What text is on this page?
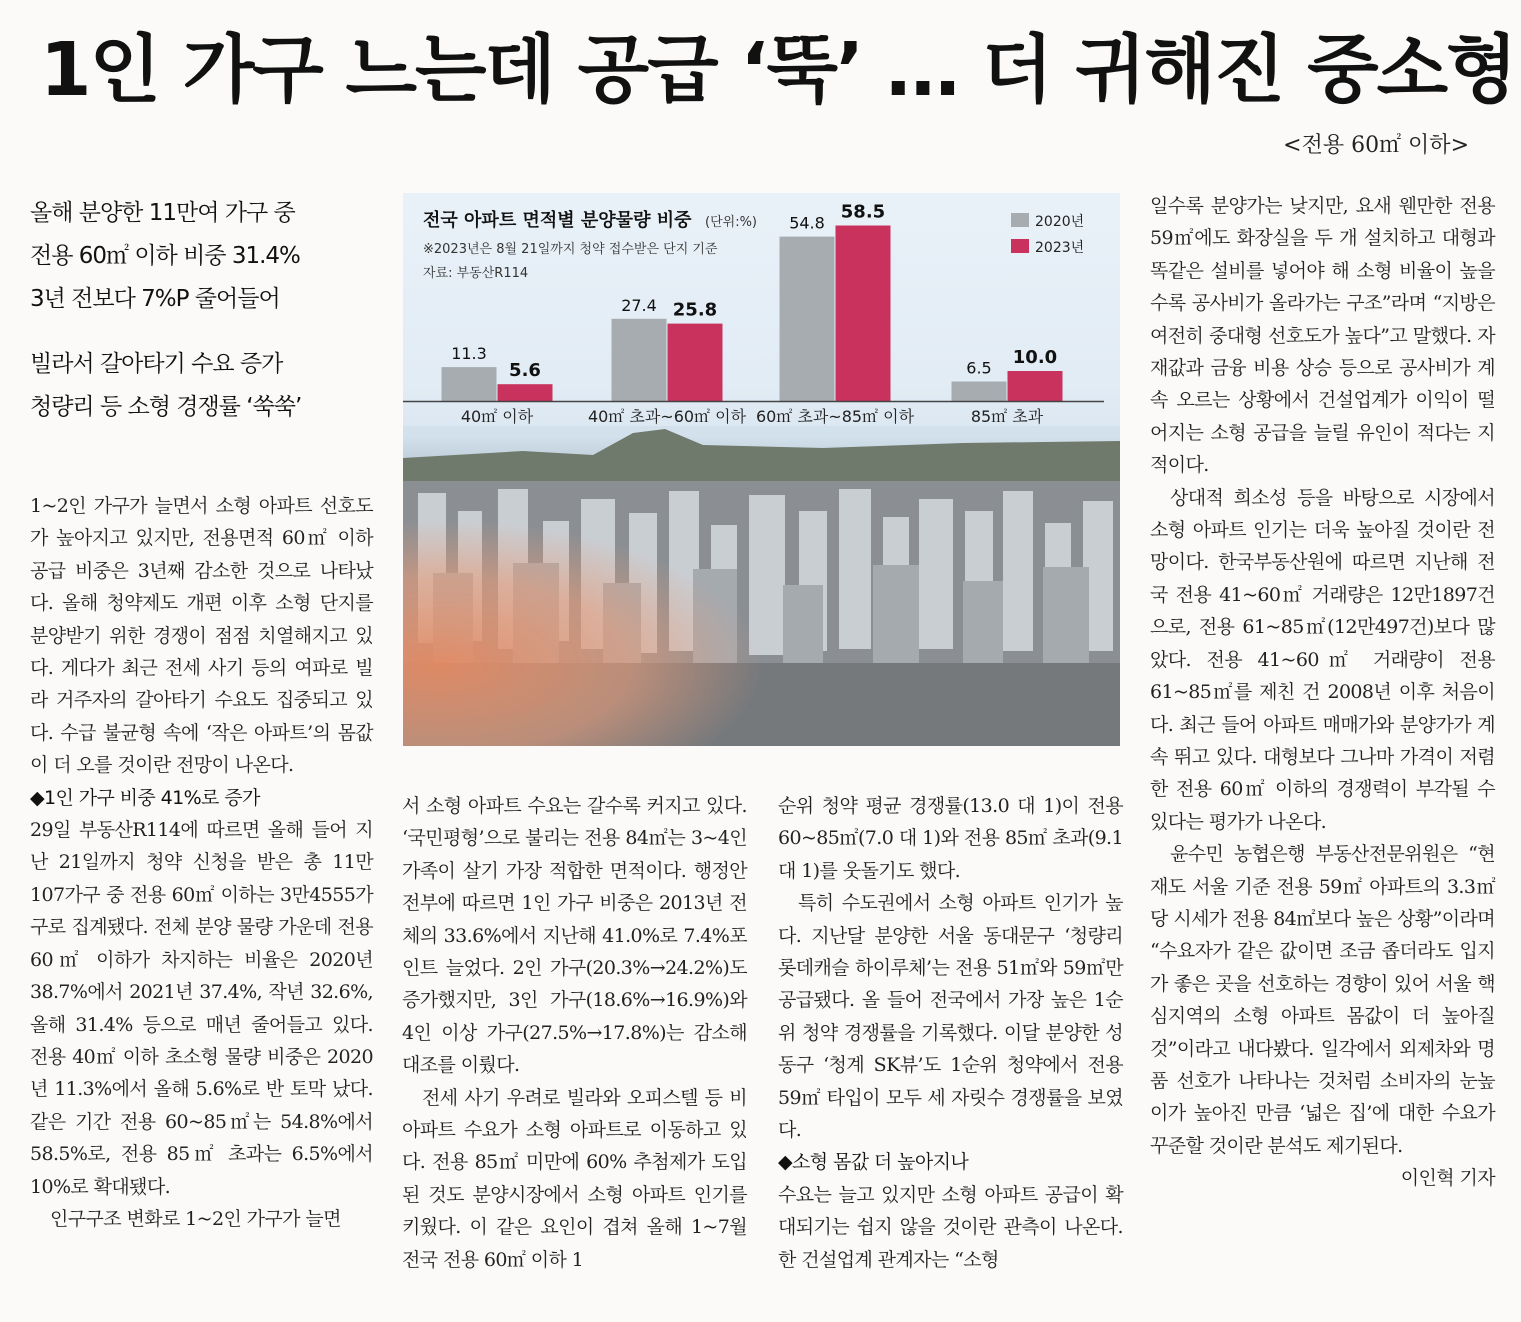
1인 가구 느는데 공급 ‘뚝’ … 더 귀해진 중소형
<전용 60㎡ 이하>

올해 분양한 11만여 가구 중

전용 60㎡ 이하 비중 31.4%

3년 전보다 7%P 줄어들어

빌라서 갈아타기 수요 증가

청량리 등 소형 경쟁률 ‘쑥쑥’

전국 아파트 면적별 분양물량 비중 (단위:%)
※2023년은 8월 21일까지 청약 접수받은 단지 기준
자료: 부동산R114
2020년
2023년
11.3
5.6
40㎡ 이하
27.4 25.8
40㎡ 초과~60㎡ 이하
54.8
58.5
60㎡ 초과~85㎡ 이하
6.5 10.0
85㎡ 초과

1~2인 가구가 늘면서 소형 아파트 선호도가 높아지고 있지만, 전용면적 60㎡ 이하 공급 비중은 3년째 감소한 것으로 나타났다. 올해 청약제도 개편 이후 소형 단지를 분양받기 위한 경쟁이 점점 치열해지고 있다. 게다가 최근 전세 사기 등의 여파로 빌라 거주자의 갈아타기 수요도 집중되고 있다. 수급 불균형 속에 ‘작은 아파트’의 몸값이 더 오를 것이란 전망이 나온다.

◆1인 가구 비중 41%로 증가

29일 부동산R114에 따르면 올해 들어 지난 21일까지 청약 신청을 받은 총 11만107가구 중 전용 60㎡ 이하는 3만4555가구로 집계됐다. 전체 분양 물량 가운데 전용 60㎡ 이하가 차지하는 비율은 2020년 38.7%에서 2021년 37.4%, 작년 32.6%, 올해 31.4% 등으로 매년 줄어들고 있다. 전용 40㎡ 이하 초소형 물량 비중은 2020년 11.3%에서 올해 5.6%로 반 토막 났다. 같은 기간 전용 60~85㎡는 54.8%에서 58.5%로, 전용 85㎡ 초과는 6.5%에서 10%로 확대됐다.

인구구조 변화로 1~2인 가구가 늘면

서 소형 아파트 수요는 갈수록 커지고 있다. ‘국민평형’으로 불리는 전용 84㎡는 3~4인 가족이 살기 가장 적합한 면적이다. 행정안전부에 따르면 1인 가구 비중은 2013년 전체의 33.6%에서 지난해 41.0%로 7.4%포인트 늘었다. 2인 가구(20.3%→24.2%)도 증가했지만, 3인 가구(18.6%→16.9%)와 4인 이상 가구(27.5%→17.8%)는 감소해 대조를 이뤘다.

전세 사기 우려로 빌라와 오피스텔 등 비아파트 수요가 소형 아파트로 이동하고 있다. 전용 85㎡ 미만에 60% 추첨제가 도입된 것도 분양시장에서 소형 아파트 인기를 키웠다. 이 같은 요인이 겹쳐 올해 1~7월 전국 전용 60㎡ 이하 1

순위 청약 평균 경쟁률(13.0 대 1)이 전용 60~85㎡(7.0 대 1)와 전용 85㎡ 초과(9.1 대 1)를 웃돌기도 했다.

특히 수도권에서 소형 아파트 인기가 높다. 지난달 분양한 서울 동대문구 ‘청량리 롯데캐슬 하이루체’는 전용 51㎡와 59㎡만 공급됐다. 올 들어 전국에서 가장 높은 1순위 청약 경쟁률을 기록했다. 이달 분양한 성동구 ‘청계 SK뷰’도 1순위 청약에서 전용 59㎡ 타입이 모두 세 자릿수 경쟁률을 보였다.

◆소형 몸값 더 높아지나

수요는 늘고 있지만 소형 아파트 공급이 확대되기는 쉽지 않을 것이란 관측이 나온다. 한 건설업계 관계자는 “소형

일수록 분양가는 낮지만, 요새 웬만한 전용 59㎡에도 화장실을 두 개 설치하고 대형과 똑같은 설비를 넣어야 해 소형 비율이 높을수록 공사비가 올라가는 구조”라며 “지방은 여전히 중대형 선호도가 높다”고 말했다. 자재값과 금융 비용 상승 등으로 공사비가 계속 오르는 상황에서 건설업계가 이익이 떨어지는 소형 공급을 늘릴 유인이 적다는 지적이다.

상대적 희소성 등을 바탕으로 시장에서 소형 아파트 인기는 더욱 높아질 것이란 전망이다. 한국부동산원에 따르면 지난해 전국 전용 41~60㎡ 거래량은 12만1897건으로, 전용 61~85㎡(12만497건)보다 많았다. 전용 41~60㎡ 거래량이 전용 61~85㎡를 제친 건 2008년 이후 처음이다. 최근 들어 아파트 매매가와 분양가가 계속 뛰고 있다. 대형보다 그나마 가격이 저렴한 전용 60㎡ 이하의 경쟁력이 부각될 수 있다는 평가가 나온다.

윤수민 농협은행 부동산전문위원은 “현재도 서울 기준 전용 59㎡ 아파트의 3.3㎡당 시세가 전용 84㎡보다 높은 상황”이라며 “수요자가 같은 값이면 조금 좁더라도 입지가 좋은 곳을 선호하는 경향이 있어 서울 핵심지역의 소형 아파트 몸값이 더 높아질 것”이라고 내다봤다. 일각에서 외제차와 명품 선호가 나타나는 것처럼 소비자의 눈높이가 높아진 만큼 ‘넓은 집’에 대한 수요가 꾸준할 것이란 분석도 제기된다.

이인혁 기자
